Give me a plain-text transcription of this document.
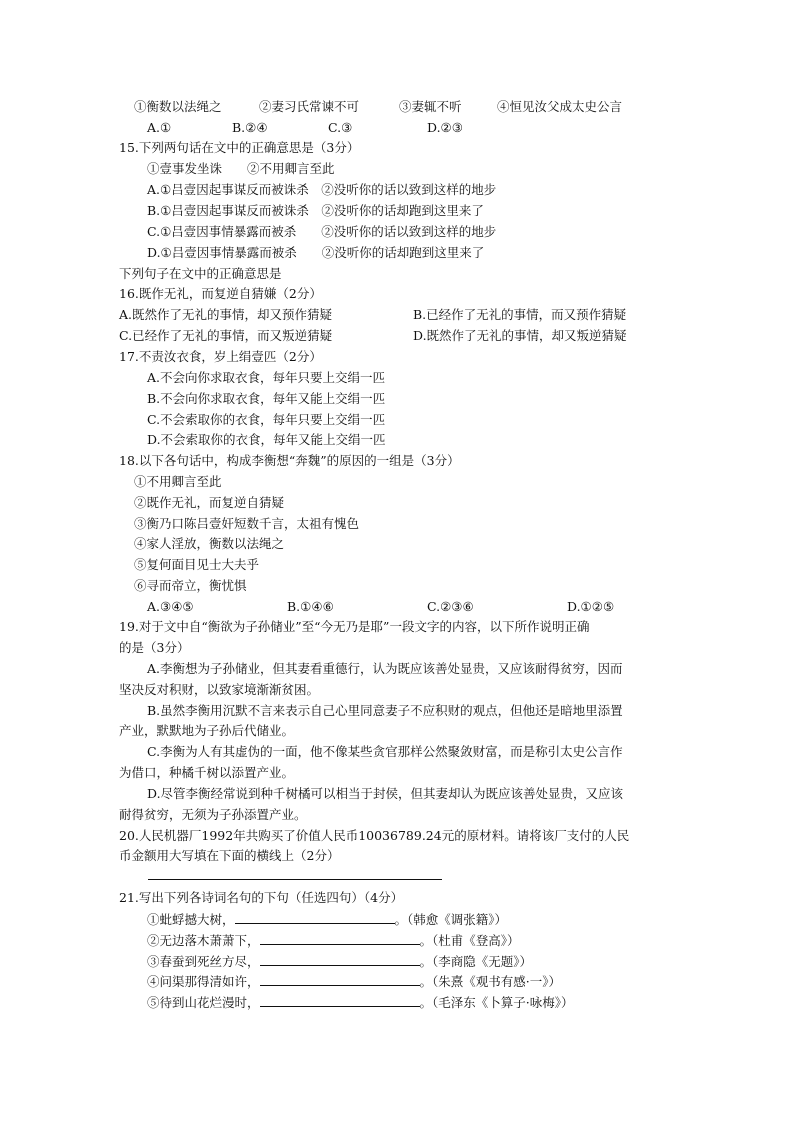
①衡数以法绳之	②妻习氏常谏不可	③妻辄不听	④恒见汝父成太史公言
A.①	B.②④	C.③	D.②③
15.下列两句话在文中的正确意思是（3分）
①壹事发坐诛　　②不用卿言至此
A.①吕壹因起事谋反而被诛杀　②没听你的话以致到这样的地步
B.①吕壹因起事谋反而被诛杀　②没听你的话却跑到这里来了
C.①吕壹因事情暴露而被杀　　②没听你的话以致到这样的地步
D.①吕壹因事情暴露而被杀　　②没听你的话却跑到这里来了
下列句子在文中的正确意思是
16.既作无礼，而复逆自猜嫌（2分）
A.既然作了无礼的事情，却又预作猜疑	B.已经作了无礼的事情，而又预作猜疑
C.已经作了无礼的事情，而又叛逆猜疑	D.既然作了无礼的事情，却又叛逆猜疑
17.不责汝衣食，岁上绢壹匹（2分）
A.不会向你求取衣食，每年只要上交绢一匹
B.不会向你求取衣食，每年又能上交绢一匹
C.不会索取你的衣食，每年只要上交绢一匹
D.不会索取你的衣食，每年又能上交绢一匹
18.以下各句话中，构成李衡想“奔魏”的原因的一组是（3分）
①不用卿言至此
②既作无礼，而复逆自猜疑
③衡乃口陈吕壹奸短数千言，太祖有愧色
④家人淫放，衡数以法绳之
⑤复何面目见士大夫乎
⑥寻而帝立，衡忧惧
A.③④⑤	B.①④⑥	C.②③⑥	D.①②⑤
19.对于文中自“衡欲为子孙储业”至“今无乃是耶”一段文字的内容，以下所作说明正确
的是（3分）
A.李衡想为子孙储业，但其妻看重德行，认为既应该善处显贵，又应该耐得贫穷，因而
坚决反对积财，以致家境渐渐贫困。
B.虽然李衡用沉默不言来表示自己心里同意妻子不应积财的观点，但他还是暗地里添置
产业，默默地为子孙后代储业。
C.李衡为人有其虚伪的一面，他不像某些贪官那样公然聚敛财富，而是称引太史公言作
为借口，种橘千树以添置产业。
D.尽管李衡经常说到种千树橘可以相当于封侯，但其妻却认为既应该善处显贵，又应该
耐得贫穷，无须为子孙添置产业。
20.人民机器厂1992年共购买了价值人民币10036789.24元的原材料。请将该厂支付的人民
币金额用大写填在下面的横线上（2分）
21.写出下列各诗词名句的下句（任选四句）（4分）
①蚍蜉撼大树，	。（韩愈《调张籍》）
②无边落木萧萧下，	。（杜甫《登高》）
③春蚕到死丝方尽，	。（李商隐《无题》）
④问渠那得清如许，	。（朱熹《观书有感·一》）
⑤待到山花烂漫时，	。（毛泽东《卜算子·咏梅》）
